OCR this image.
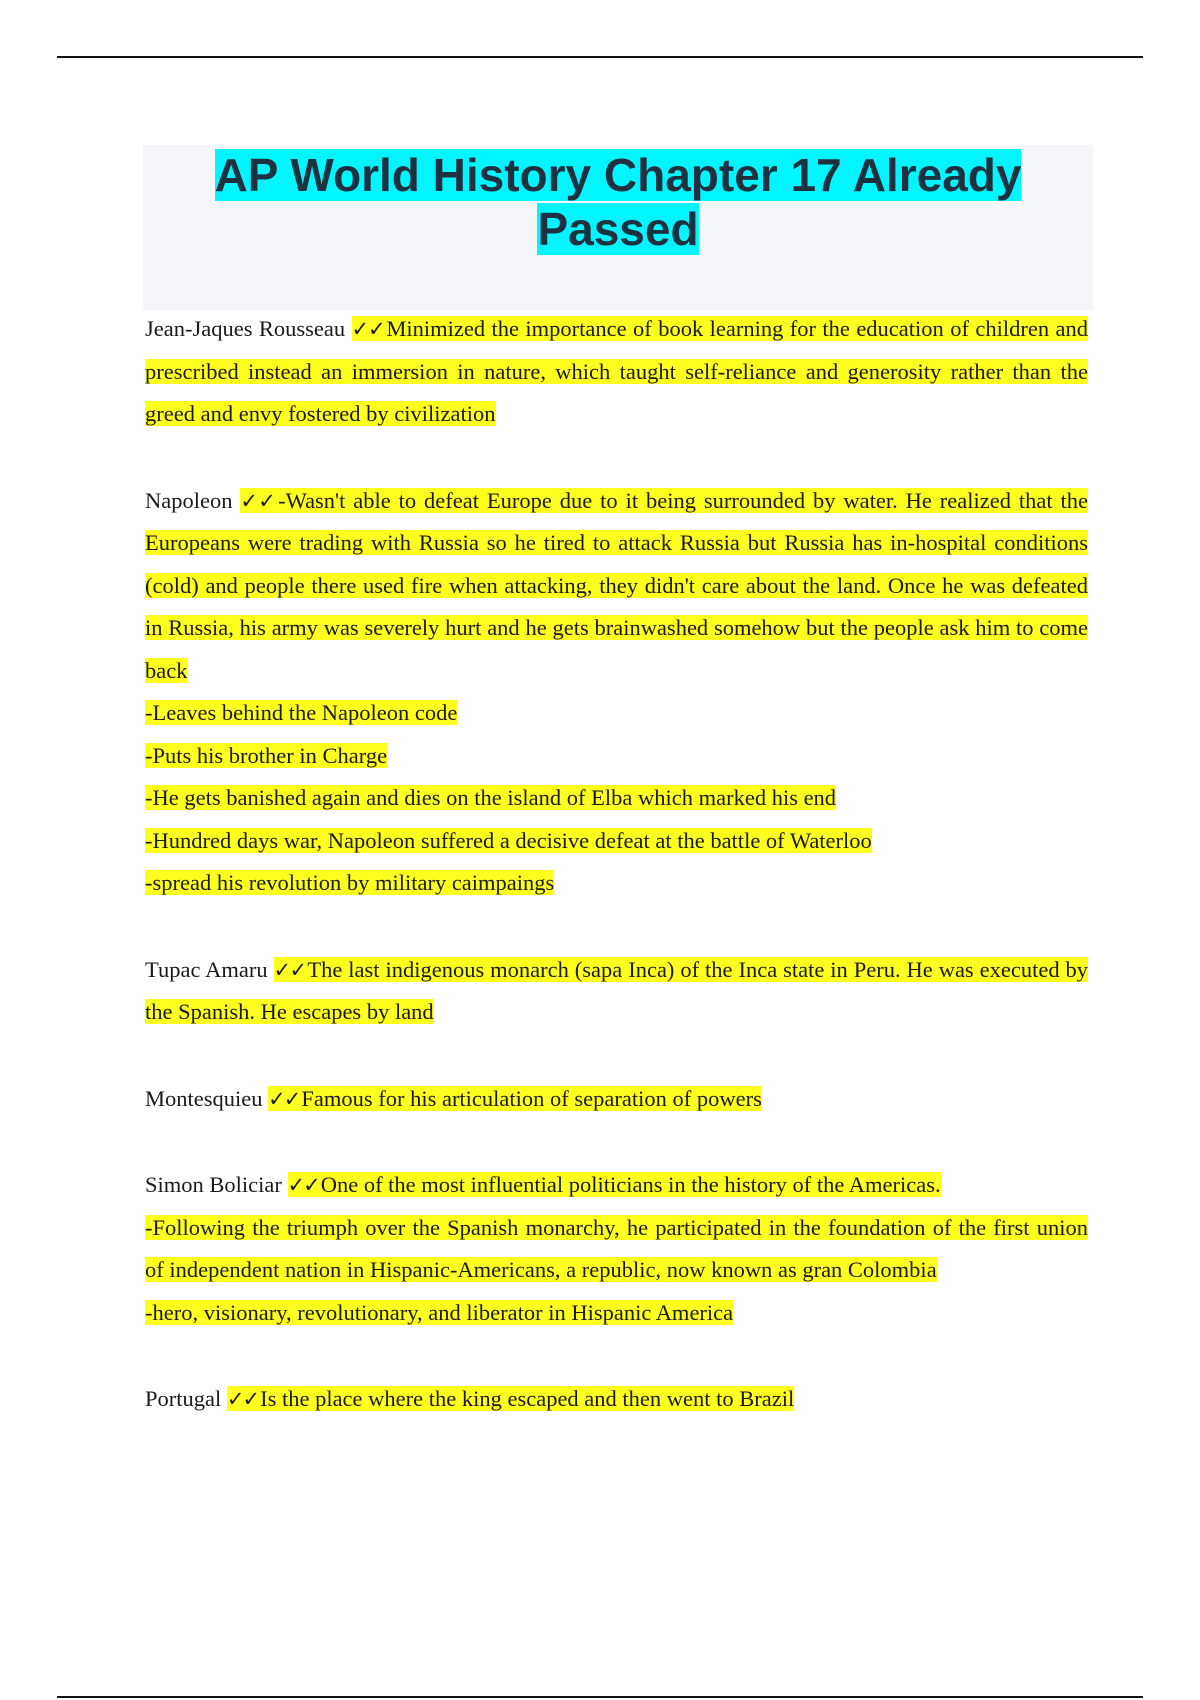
AP World History Chapter 17 Already
Passed

Jean-Jaques Rousseau ✓✓Minimized the importance of book learning for the education of children and prescribed instead an immersion in nature, which taught self-reliance and generosity rather than the greed and envy fostered by civilization

Napoleon ✓✓-Wasn't able to defeat Europe due to it being surrounded by water. He realized that the Europeans were trading with Russia so he tired to attack Russia but Russia has in-hospital conditions (cold) and people there used fire when attacking, they didn't care about the land. Once he was defeated in Russia, his army was severely hurt and he gets brainwashed somehow but the people ask him to come back

-Leaves behind the Napoleon code

-Puts his brother in Charge

-He gets banished again and dies on the island of Elba which marked his end

-Hundred days war, Napoleon suffered a decisive defeat at the battle of Waterloo

-spread his revolution by military caimpaings

Tupac Amaru ✓✓The last indigenous monarch (sapa Inca) of the Inca state in Peru. He was executed by the Spanish. He escapes by land

Montesquieu ✓✓Famous for his articulation of separation of powers

Simon Boliciar ✓✓One of the most influential politicians in the history of the Americas.

-Following the triumph over the Spanish monarchy, he participated in the foundation of the first union of independent nation in Hispanic-Americans, a republic, now known as gran Colombia

-hero, visionary, revolutionary, and liberator in Hispanic America

Portugal ✓✓Is the place where the king escaped and then went to Brazil
